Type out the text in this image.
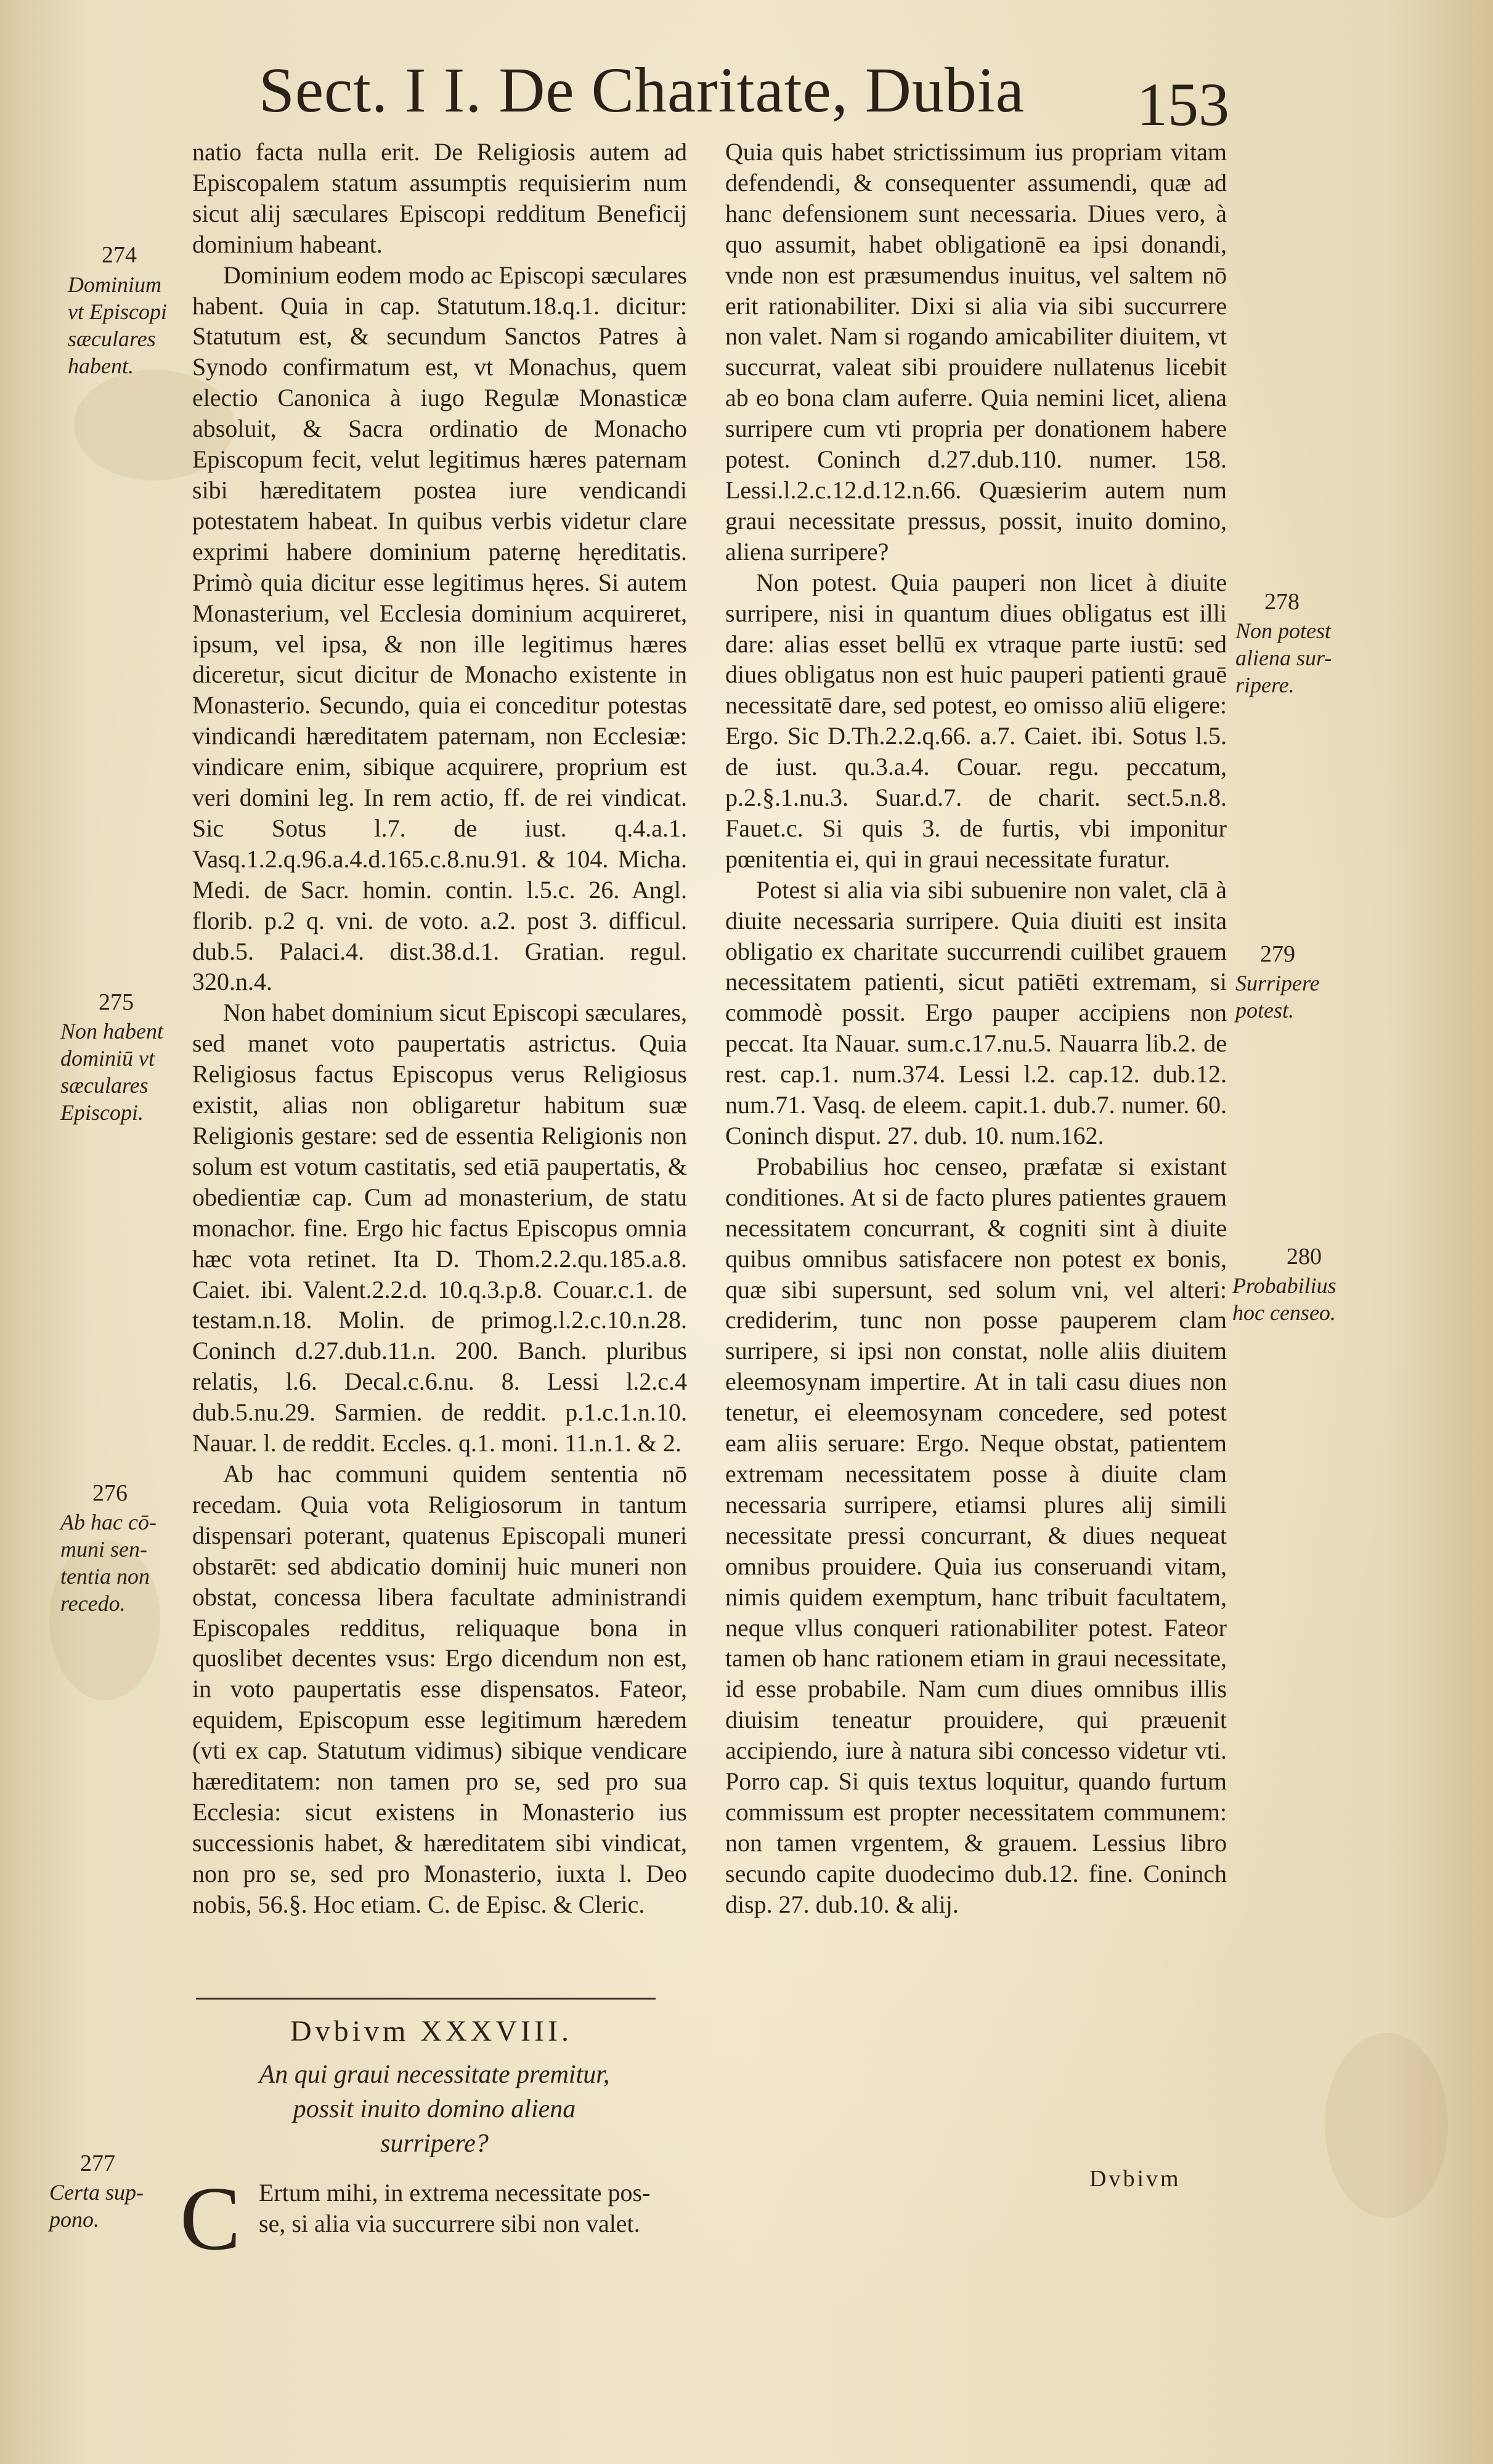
Sect. I I. De Charitate, Dubia	153

natio facta nulla erit. De Religiosis autem ad Episcopalem statum assumptis requisierim num sicut alij sæculares Episcopi redditum Beneficij dominium habeant.

Dominium eodem modo ac Episcopi sæculares habent. Quia in cap. Statutum.18.q.1. dicitur: Statutum est, & secundum Sanctos Patres à Synodo confirmatum est, vt Monachus, quem electio Canonica à iugo Regulæ Monasticæ absoluit, & Sacra ordinatio de Monacho Episcopum fecit, velut legitimus hæres paternam sibi hæreditatem postea iure vendicandi potestatem habeat. In quibus verbis videtur clare exprimi habere dominium paternę hęreditatis. Primò quia dicitur esse legitimus hęres. Si autem Monasterium, vel Ecclesia dominium acquireret, ipsum, vel ipsa, & non ille legitimus hæres diceretur, sicut dicitur de Monacho existente in Monasterio. Secundo, quia ei conceditur potestas vindicandi hæreditatem paternam, non Ecclesiæ: vindicare enim, sibique acquirere, proprium est veri domini leg. In rem actio, ff. de rei vindicat. Sic Sotus l.7. de iust. q.4.a.1. Vasq.1.2.q.96.a.4.d.165.c.8.nu.91. & 104. Micha. Medi. de Sacr. homin. contin. l.5.c. 26. Angl. florib. p.2 q. vni. de voto. a.2. post 3. difficul. dub.5. Palaci.4. dist.38.d.1. Gratian. regul. 320.n.4.

Non habet dominium sicut Episcopi sæculares, sed manet voto paupertatis astrictus. Quia Religiosus factus Episcopus verus Religiosus existit, alias non obligaretur habitum suæ Religionis gestare: sed de essentia Religionis non solum est votum castitatis, sed etiā paupertatis, & obedientiæ cap. Cum ad monasterium, de statu monachor. fine. Ergo hic factus Episcopus omnia hæc vota retinet. Ita D. Thom.2.2.qu.185.a.8. Caiet. ibi. Valent.2.2.d. 10.q.3.p.8. Couar.c.1. de testam.n.18. Molin. de primog.l.2.c.10.n.28. Coninch d.27.dub.11.n. 200. Banch. pluribus relatis, l.6. Decal.c.6.nu. 8. Lessi l.2.c.4 dub.5.nu.29. Sarmien. de reddit. p.1.c.1.n.10. Nauar. l. de reddit. Eccles. q.1. moni. 11.n.1. & 2.

Ab hac communi quidem sententia nō recedam. Quia vota Religiosorum in tantum dispensari poterant, quatenus Episcopali muneri obstarēt: sed abdicatio dominij huic muneri non obstat, concessa libera facultate administrandi Episcopales redditus, reliquaque bona in quoslibet decentes vsus: Ergo dicendum non est, in voto paupertatis esse dispensatos. Fateor, equidem, Episcopum esse legitimum hæredem (vti ex cap. Statutum vidimus) sibique vendicare hæreditatem: non tamen pro se, sed pro sua Ecclesia: sicut existens in Monasterio ius successionis habet, & hæreditatem sibi vindicat, non pro se, sed pro Monasterio, iuxta l. Deo nobis, 56.§. Hoc etiam. C. de Episc. & Cleric.

Quia quis habet strictissimum ius propriam vitam defendendi, & consequenter assumendi, quæ ad hanc defensionem sunt necessaria. Diues vero, à quo assumit, habet obligationē ea ipsi donandi, vnde non est præsumendus inuitus, vel saltem nō erit rationabiliter. Dixi si alia via sibi succurrere non valet. Nam si rogando amicabiliter diuitem, vt succurrat, valeat sibi prouidere nullatenus licebit ab eo bona clam auferre. Quia nemini licet, aliena surripere cum vti propria per donationem habere potest. Coninch d.27.dub.110. numer. 158. Lessi.l.2.c.12.d.12.n.66. Quæsierim autem num graui necessitate pressus, possit, inuito domino, aliena surripere?

Non potest. Quia pauperi non licet à diuite surripere, nisi in quantum diues obligatus est illi dare: alias esset bellū ex vtraque parte iustū: sed diues obligatus non est huic pauperi patienti grauē necessitatē dare, sed potest, eo omisso aliū eligere: Ergo. Sic D.Th.2.2.q.66. a.7. Caiet. ibi. Sotus l.5. de iust. qu.3.a.4. Couar. regu. peccatum, p.2.§.1.nu.3. Suar.d.7. de charit. sect.5.n.8. Fauet.c. Si quis 3. de furtis, vbi imponitur pœnitentia ei, qui in graui necessitate furatur.

Potest si alia via sibi subuenire non valet, clā à diuite necessaria surripere. Quia diuiti est insita obligatio ex charitate succurrendi cuilibet grauem necessitatem patienti, sicut patiēti extremam, si commodè possit. Ergo pauper accipiens non peccat. Ita Nauar. sum.c.17.nu.5. Nauarra lib.2. de rest. cap.1. num.374. Lessi l.2. cap.12. dub.12. num.71. Vasq. de eleem. capit.1. dub.7. numer. 60. Coninch disput. 27. dub. 10. num.162.

Probabilius hoc censeo, præfatæ si existant conditiones. At si de facto plures patientes grauem necessitatem concurrant, & cogniti sint à diuite quibus omnibus satisfacere non potest ex bonis, quæ sibi supersunt, sed solum vni, vel alteri: crediderim, tunc non posse pauperem clam surripere, si ipsi non constat, nolle aliis diuitem eleemosynam impertire. At in tali casu diues non tenetur, ei eleemosynam concedere, sed potest eam aliis seruare: Ergo. Neque obstat, patientem extremam necessitatem posse à diuite clam necessaria surripere, etiamsi plures alij simili necessitate pressi concurrant, & diues nequeat omnibus prouidere. Quia ius conseruandi vitam, nimis quidem exemptum, hanc tribuit facultatem, neque vllus conqueri rationabiliter potest. Fateor tamen ob hanc rationem etiam in graui necessitate, id esse probabile. Nam cum diues omnibus illis diuisim teneatur prouidere, qui præuenit accipiendo, iure à natura sibi concesso videtur vti. Porro cap. Si quis textus loquitur, quando furtum commissum est propter necessitatem communem: non tamen vrgentem, & grauem. Lessius libro secundo capite duodecimo dub.12. fine. Coninch disp. 27. dub.10. & alij.

274
Dominium
vt Episcopi
sæculares
habent.
275
Non habent
dominiū vt
sæculares
Episcopi.
276
Ab hac cō-
muni sen-
tentia non
recedo.
277
Certa sup-
pono.
278
Non potest
aliena sur-
ripere.
279
Surripere
potest.
280
Probabilius
hoc censeo.
Dvbivm XXXVIII.
An qui graui necessitate premitur,
possit inuito domino aliena
surripere?
C Ertum mihi, in extrema necessitate pos-
se, si alia via succurrere sibi non valet.
Dvbivm
